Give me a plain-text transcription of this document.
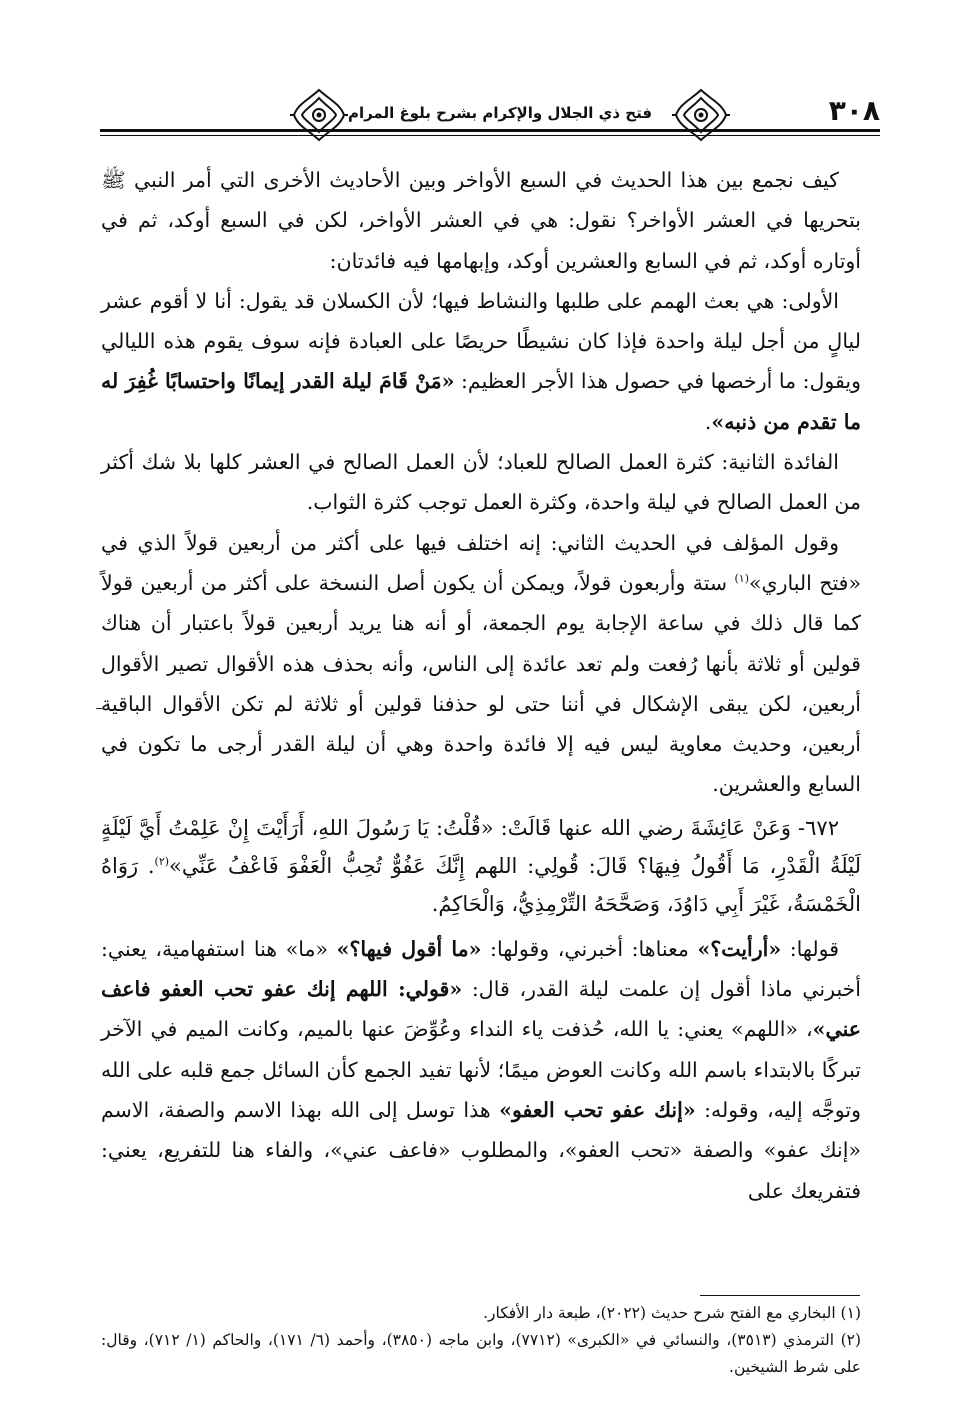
٣٠٨
فتح ذي الجلال والإكرام بشرح بلوغ المرام

كيف نجمع بين هذا الحديث في السبع الأواخر وبين الأحاديث الأخرى التي أمر النبي ﷺ بتحريها في العشر الأواخر؟ نقول: هي في العشر الأواخر، لكن في السبع أوكد، ثم في أوتاره أوكد، ثم في السابع والعشرين أوكد، وإبهامها فيه فائدتان:

الأولى: هي بعث الهمم على طلبها والنشاط فيها؛ لأن الكسلان قد يقول: أنا لا أقوم عشر ليالٍ من أجل ليلة واحدة فإذا كان نشيطًا حريصًا على العبادة فإنه سوف يقوم هذه الليالي ويقول: ما أرخصها في حصول هذا الأجر العظيم: «مَنْ قَامَ ليلة القدر إيمانًا واحتسابًا غُفِرَ له ما تقدم من ذنبه».

الفائدة الثانية: كثرة العمل الصالح للعباد؛ لأن العمل الصالح في العشر كلها بلا شك أكثر من العمل الصالح في ليلة واحدة، وكثرة العمل توجب كثرة الثواب.

وقول المؤلف في الحديث الثاني: إنه اختلف فيها على أكثر من أربعين قولاً الذي في «فتح الباري»$^{(١)}$ ستة وأربعون قولاً، ويمكن أن يكون أصل النسخة على أكثر من أربعين قولاً كما قال ذلك في ساعة الإجابة يوم الجمعة، أو أنه هنا يريد أربعين قولاً باعتبار أن هناك قولين أو ثلاثة بأنها رُفعت ولم تعد عائدة إلى الناس، وأنه بحذف هذه الأقوال تصير الأقوال أربعين، لكن يبقى الإشكال في أننا حتى لو حذفنا قولين أو ثلاثة لم تكن الأقوال الباقية أربعين، وحديث معاوية ليس فيه إلا فائدة واحدة وهي أن ليلة القدر أرجى ما تكون في السابع والعشرين.

٦٧٢- وَعَنْ عَائِشَةَ رضي الله عنها قَالَتْ: «قُلْتُ: يَا رَسُولَ اللهِ، أَرَأَيْتَ إِنْ عَلِمْتُ أَيَّ لَيْلَةٍ لَيْلَةُ الْقَدْرِ، مَا أَقُولُ فِيهَا؟ قَالَ: قُولِي: اللهم إِنَّكَ عَفُوٌّ تُحِبُّ الْعَفْوَ فَاعْفُ عَنِّي»$^{(٢)}$. رَوَاهُ الْخَمْسَةُ، غَيْرَ أَبِي دَاوُدَ، وَصَحَّحَهُ التِّرْمِذِيُّ، وَالْحَاكِمُ.

قولها: «أرأيت؟» معناها: أخبرني، وقولها: «ما أقول فيها؟» «ما» هنا استفهامية، يعني: أخبرني ماذا أقول إن علمت ليلة القدر، قال: «قولي: اللهم إنك عفو تحب العفو فاعف عني»، «اللهم» يعني: يا الله، حُذفت ياء النداء وعُوِّضَ عنها بالميم، وكانت الميم في الآخر تبركًا بالابتداء باسم الله وكانت العوض ميمًا؛ لأنها تفيد الجمع كأن السائل جمع قلبه على الله وتوجَّه إليه، وقوله: «إنك عفو تحب العفو» هذا توسل إلى الله بهذا الاسم والصفة، الاسم «إنك عفو» والصفة «تحب العفو»، والمطلوب «فاعف عني»، والفاء هنا للتفريع، يعني: فتفريعك على

(١) البخاري مع الفتح شرح حديث (٢٠٢٢)، طبعة دار الأفكار.

(٢) الترمذي (٣٥١٣)، والنسائي في «الكبرى» (٧٧١٢)، وابن ماجه (٣٨٥٠)، وأحمد (٦/ ١٧١)، والحاكم (١/ ٧١٢)، وقال: على شرط الشيخين.
